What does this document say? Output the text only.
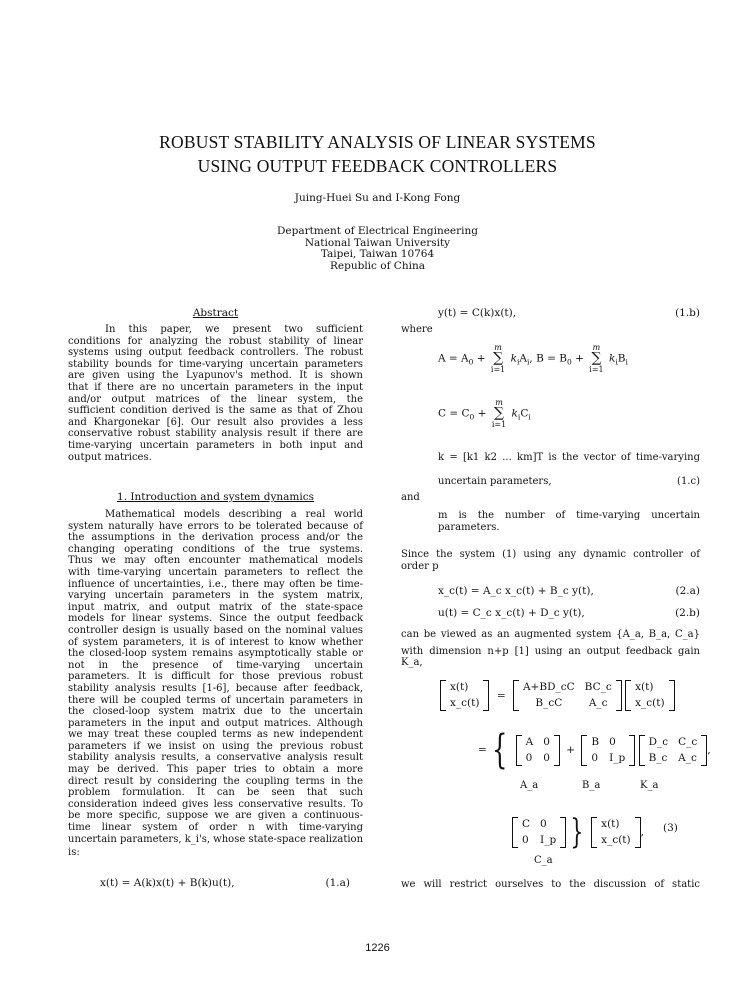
ROBUST STABILITY ANALYSIS OF LINEAR SYSTEMS
USING OUTPUT FEEDBACK CONTROLLERS
Juing-Huei Su and I-Kong Fong
Department of Electrical Engineering
National Taiwan University
Taipei, Taiwan 10764
Republic of China
Abstract
In this paper, we present two sufficient
conditions for analyzing the robust stability of linear
systems using output feedback controllers. The robust
stability bounds for time-varying uncertain parameters
are given using the Lyapunov's method. It is shown
that if there are no uncertain parameters in the input
and/or output matrices of the linear system, the
sufficient condition derived is the same as that of Zhou
and Khargonekar [6]. Our result also provides a less
conservative robust stability analysis result if there are
time-varying uncertain parameters in both input and
output matrices.
1. Introduction and system dynamics
Mathematical models describing a real world
system naturally have errors to be tolerated because of
the assumptions in the derivation process and/or the
changing operating conditions of the true systems.
Thus we may often encounter mathematical models
with time-varying uncertain parameters to reflect the
influence of uncertainties, i.e., there may often be time-
varying uncertain parameters in the system matrix,
input matrix, and output matrix of the state-space
models for linear systems. Since the output feedback
controller design is usually based on the nominal values
of system parameters, it is of interest to know whether
the closed-loop system remains asymptotically stable or
not in the presence of time-varying uncertain
parameters. It is difficult for those previous robust
stability analysis results [1-6], because after feedback,
there will be coupled terms of uncertain parameters in
the closed-loop system matrix due to the uncertain
parameters in the input and output matrices. Although
we may treat these coupled terms as new independent
parameters if we insist on using the previous robust
stability analysis results, a conservative analysis result
may be derived. This paper tries to obtain a more
direct result by considering the coupling terms in the
problem formulation. It can be seen that such
consideration indeed gives less conservative results. To
be more specific, suppose we are given a continuous-
time linear system of order n with time-varying
uncertain parameters, k_i's, whose state-space realization
is:
x(t) = A(k)x(t) + B(k)u(t),	(1.a)
y(t) = C(k)x(t),	(1.b)
where
$A = A_0$ +
m
∑
i=1
$k_iA_i$, $B = B_0$ +
m
∑
i=1
$k_iB_i$
$C = C_0$ +
m
∑
i=1
$k_iC_i$
k = [k1 k2 ... km]T is the vector of time-varying
uncertain parameters,	(1.c)
and
m is the number of time-varying uncertain
parameters.
Since the system (1) using any dynamic controller of
order p
x_c(t) = A_c x_c(t) + B_c y(t),	(2.a)
u(t) = C_c x_c(t) + D_c y(t),	(2.b)
can be viewed as an augmented system {A_a, B_a, C_a}
with dimension n+p [1] using an output feedback gain
K_a,
x(t)
x_c(t)
=
A+BD_cC BC_c
B_cC	A_c

x(t)
x_c(t)
= { A 0
0 0
+
B 0
0 I_p

D_c C_c
B_c A_c
,
A_a	B_a	K_a
C 0
0 I_p } x(t)
x_c(t)
, (3)
C_a
we will restrict ourselves to the discussion of static
1226
